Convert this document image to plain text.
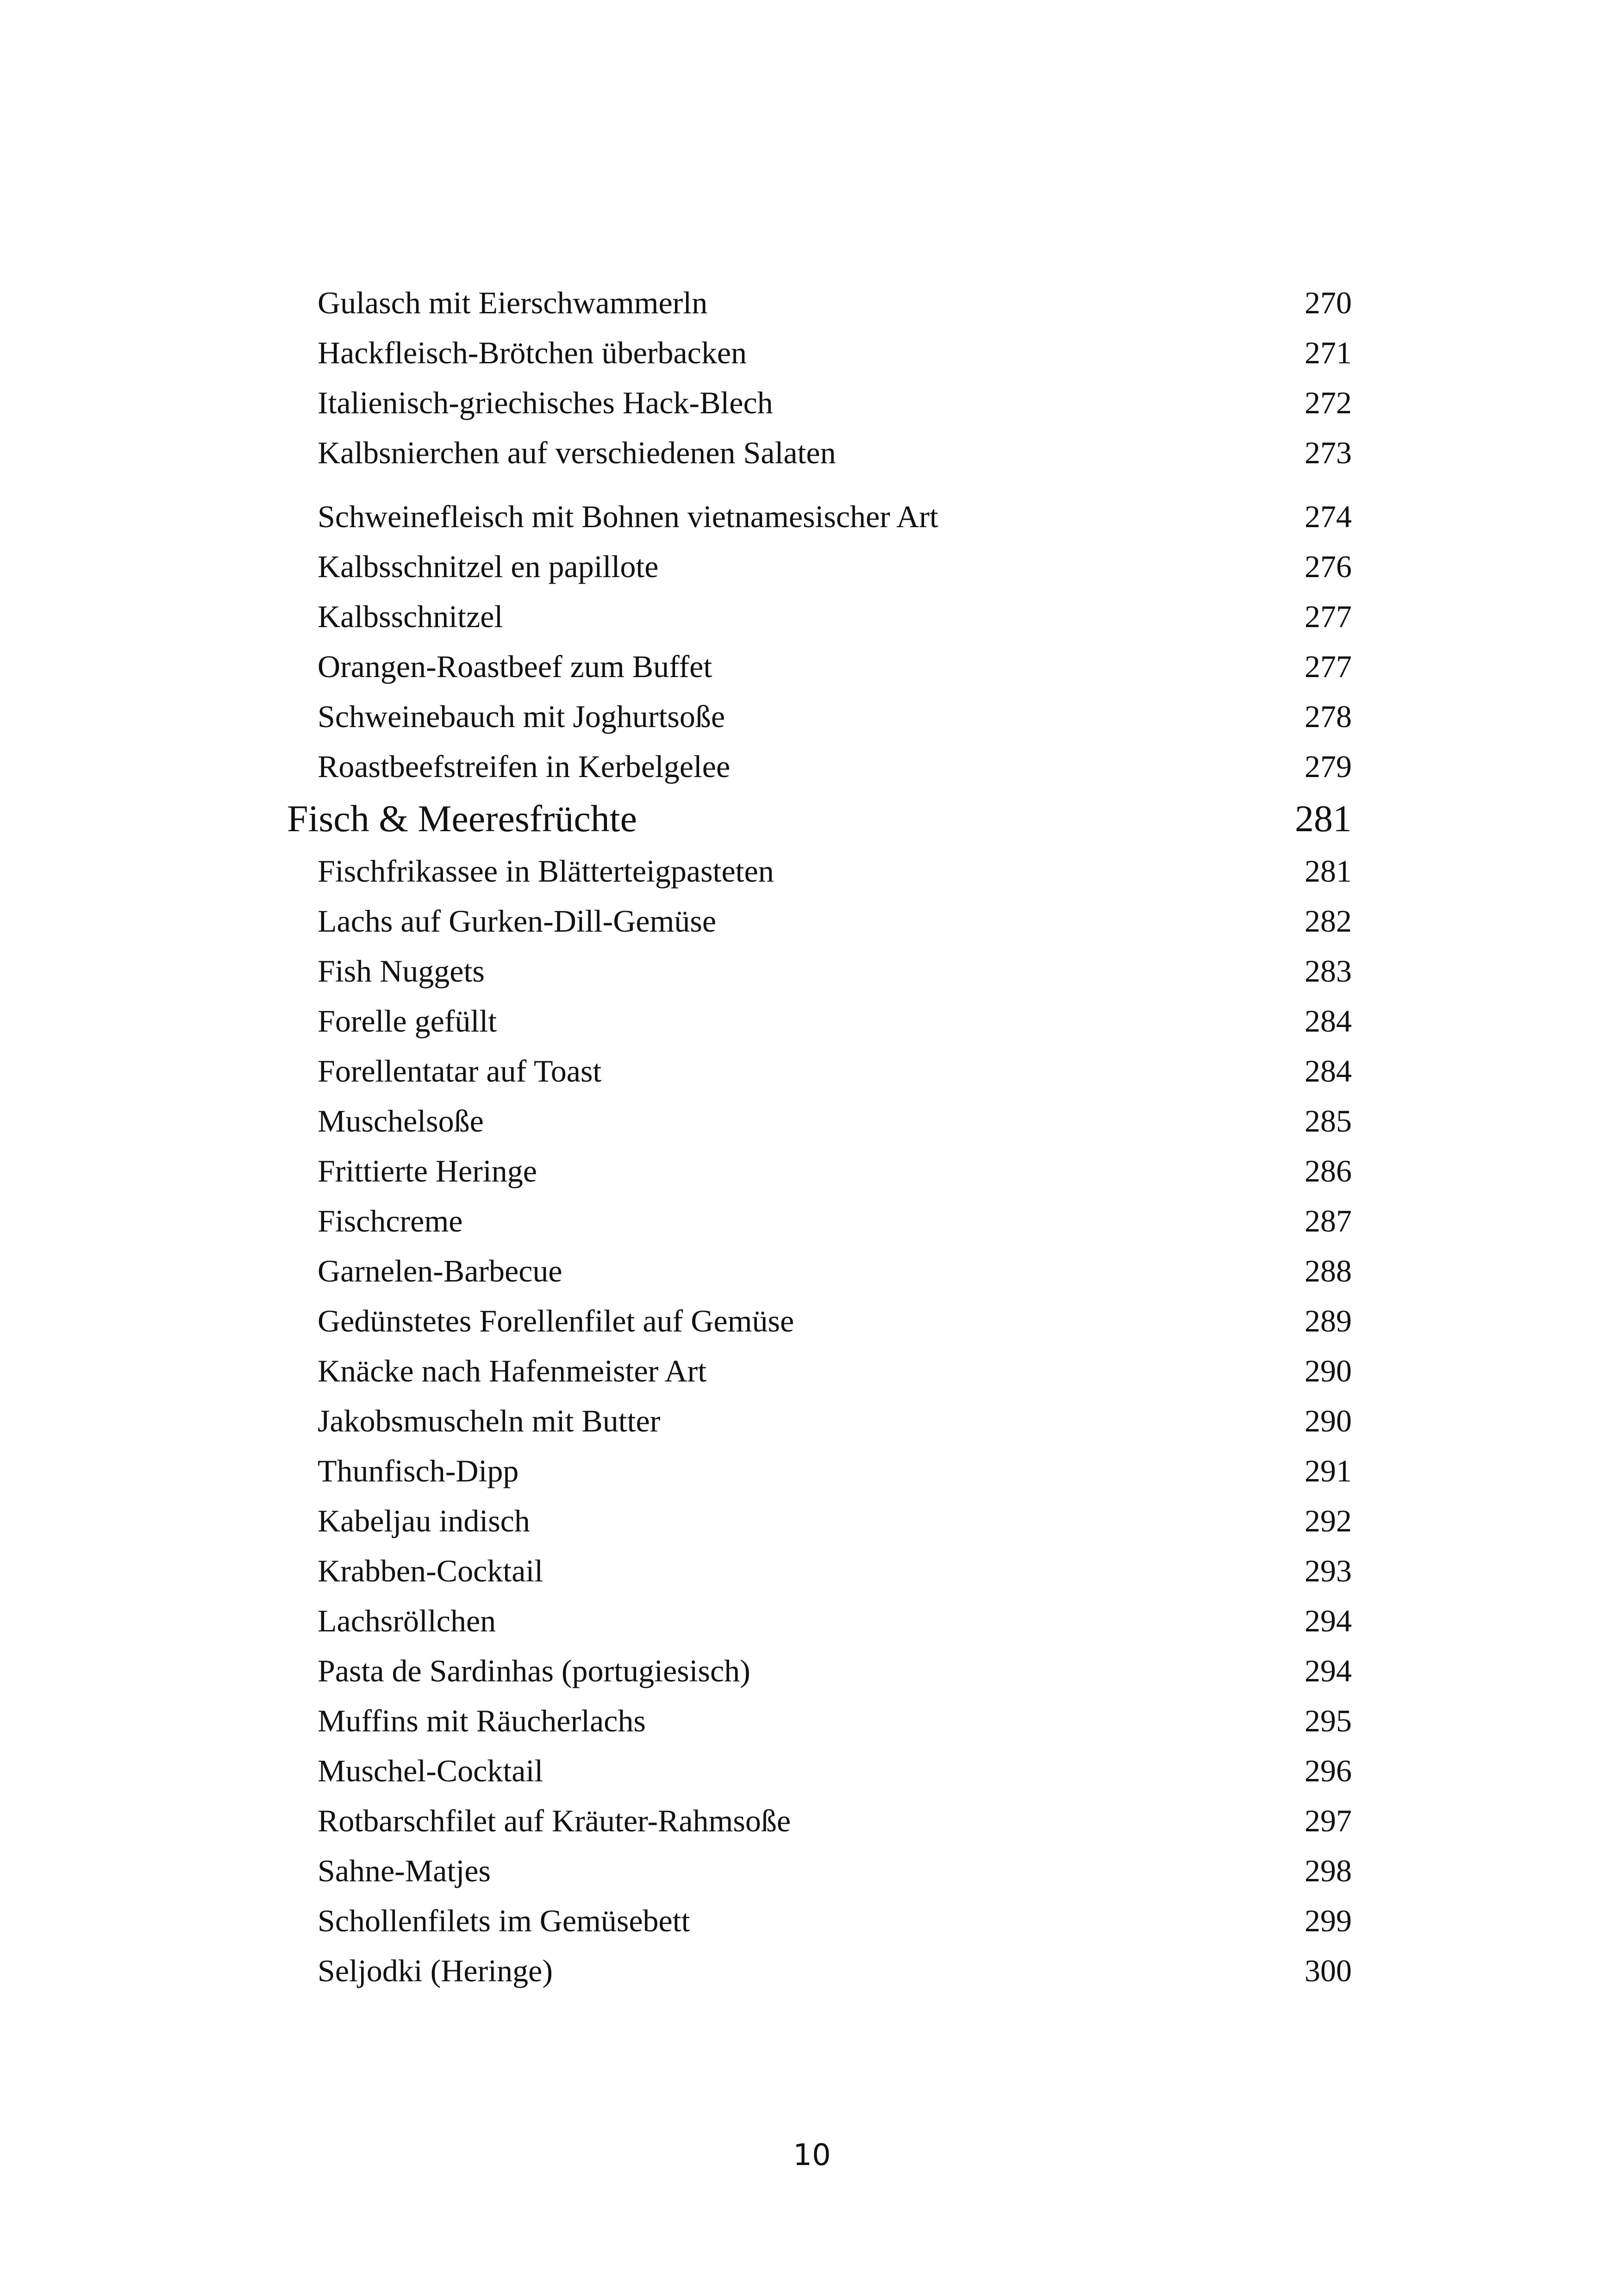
Gulasch mit Eierschwammerln	270
Hackfleisch-Brötchen überbacken	271
Italienisch-griechisches Hack-Blech	272
Kalbsnierchen auf verschiedenen Salaten	273
Schweinefleisch mit Bohnen vietnamesischer Art	274
Kalbsschnitzel en papillote	276
Kalbsschnitzel	277
Orangen-Roastbeef zum Buffet	277
Schweinebauch mit Joghurtsoße	278
Roastbeefstreifen in Kerbelgelee	279
Fisch & Meeresfrüchte	281
Fischfrikassee in Blätterteigpasteten	281
Lachs auf Gurken-Dill-Gemüse	282
Fish Nuggets	283
Forelle gefüllt	284
Forellentatar auf Toast	284
Muschelsoße	285
Frittierte Heringe	286
Fischcreme	287
Garnelen-Barbecue	288
Gedünstetes Forellenfilet auf Gemüse	289
Knäcke nach Hafenmeister Art	290
Jakobsmuscheln mit Butter	290
Thunfisch-Dipp	291
Kabeljau indisch	292
Krabben-Cocktail	293
Lachsröllchen	294
Pasta de Sardinhas (portugiesisch)	294
Muffins mit Räucherlachs	295
Muschel-Cocktail	296
Rotbarschfilet auf Kräuter-Rahmsoße	297
Sahne-Matjes	298
Schollenfilets im Gemüsebett	299
Seljodki (Heringe)	300
10
